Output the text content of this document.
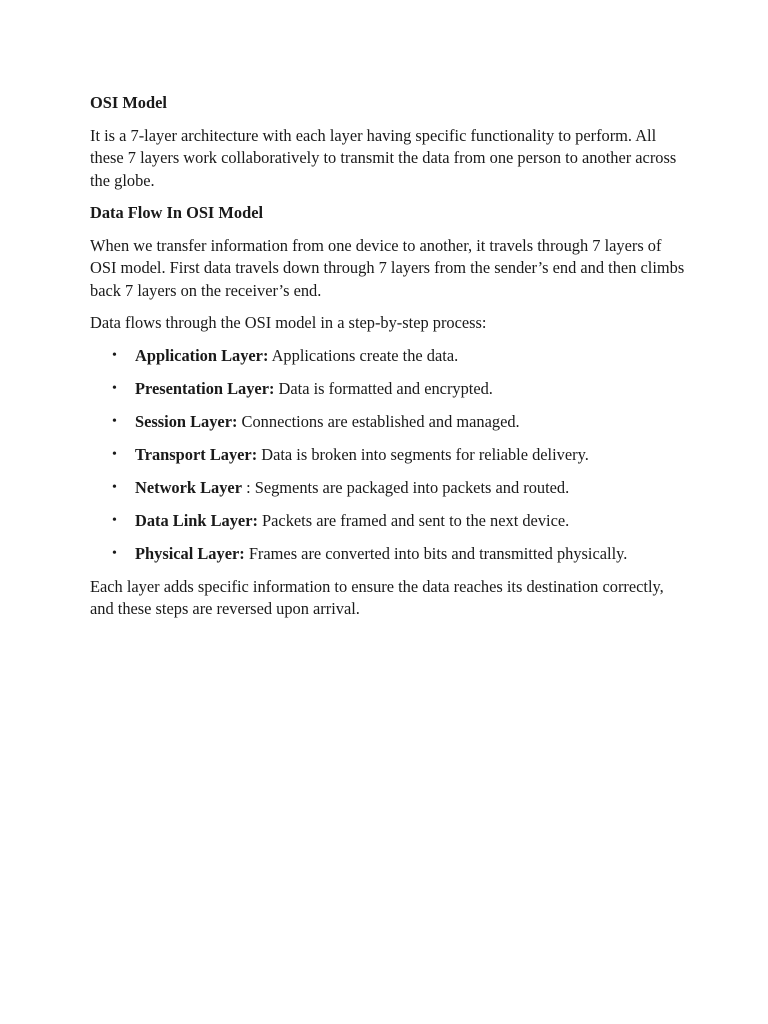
OSI Model
It is a 7-layer architecture with each layer having specific functionality to perform. All these 7 layers work collaboratively to transmit the data from one person to another across the globe.
Data Flow In OSI Model
When we transfer information from one device to another, it travels through 7 layers of OSI model. First data travels down through 7 layers from the sender’s end and then climbs back 7 layers on the receiver’s end.
Data flows through the OSI model in a step-by-step process:
• Application Layer: Applications create the data.
• Presentation Layer: Data is formatted and encrypted.
• Session Layer: Connections are established and managed.
• Transport Layer: Data is broken into segments for reliable delivery.
• Network Layer : Segments are packaged into packets and routed.
• Data Link Layer: Packets are framed and sent to the next device.
• Physical Layer: Frames are converted into bits and transmitted physically.
Each layer adds specific information to ensure the data reaches its destination correctly, and these steps are reversed upon arrival.
